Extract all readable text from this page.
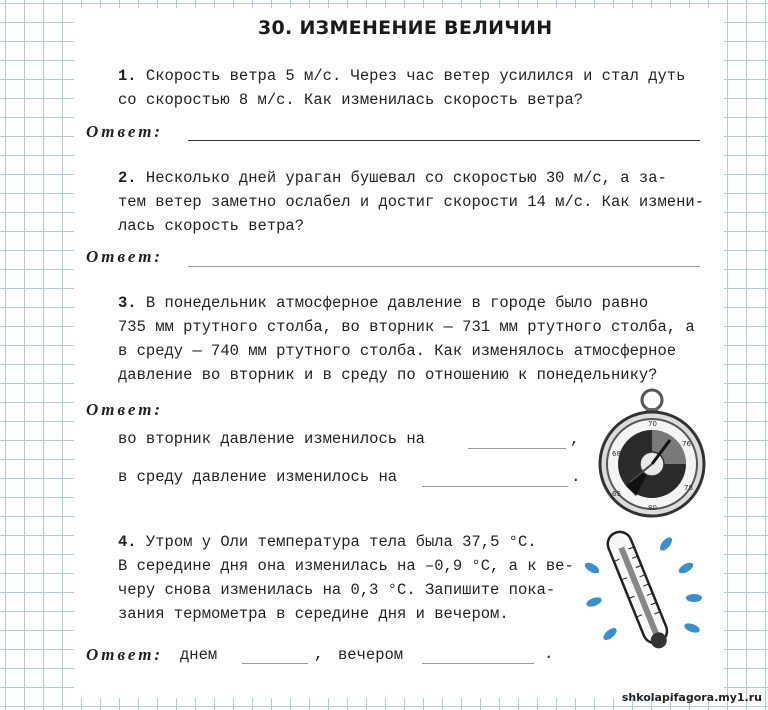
30. ИЗМЕНЕНИЕ ВЕЛИЧИН

1. Скорость ветра 5 м/с. Через час ветер усилился и стал дуть
со скоростью 8 м/с. Как изменилась скорость ветра?

Ответ:

2. Несколько дней ураган бушевал со скоростью 30 м/с, а за-
тем ветер заметно ослабел и достиг скорости 14 м/с. Как измени-
лась скорость ветра?

Ответ:

3. В понедельник атмосферное давление в городе было равно
735 мм ртутного столба, во вторник — 731 мм ртутного столба, а
в среду — 740 мм ртутного столба. Как изменялось атмосферное
давление во вторник и в среду по отношению к понедельнику?

Ответ:
во вторник давление изменилось на	,
в среду давление изменилось на	.

4. Утром у Оли температура тела была 37,5 °С.
В середине дня она изменилась на –0,9 °С, а к ве-
черу снова изменилась на 0,3 °С. Запишите пока-
зания термометра в середине дня и вечером.

Ответ: днем	, вечером	.
70
76
68
65
80
78
shkolapifagora.my1.ru
